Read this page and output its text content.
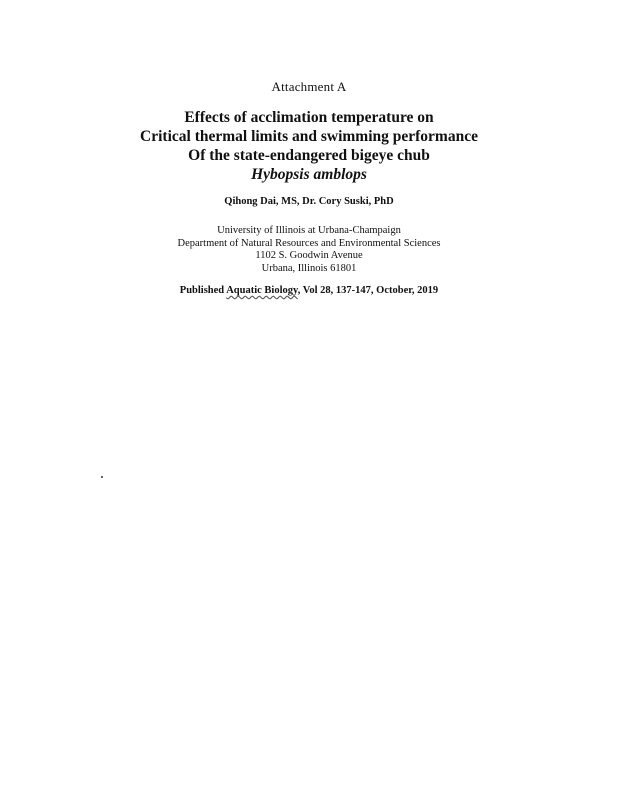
Attachment A
Effects of acclimation temperature on
Critical thermal limits and swimming performance
Of the state-endangered bigeye chub
Hybopsis amblops
Qihong Dai, MS, Dr. Cory Suski, PhD
University of Illinois at Urbana-Champaign
Department of Natural Resources and Environmental Sciences
1102 S. Goodwin Avenue
Urbana, Illinois 61801
Published Aquatic Biology, Vol 28, 137-147, October, 2019
